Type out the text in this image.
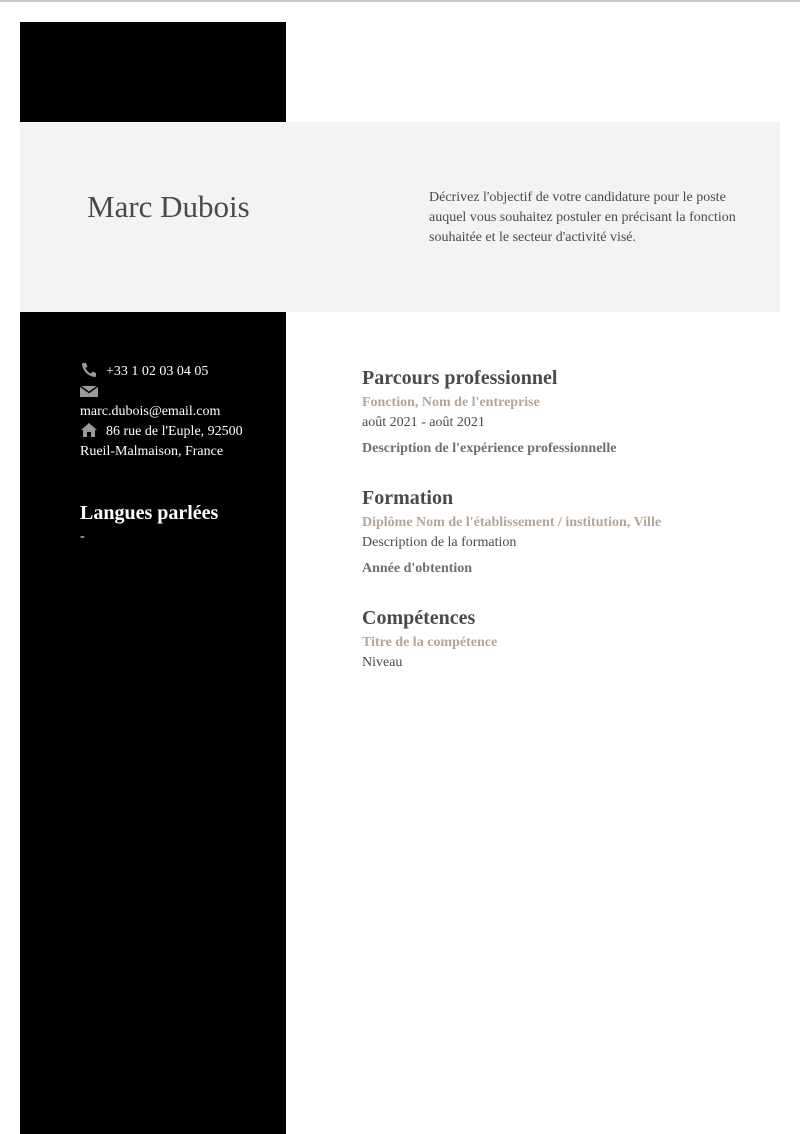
Marc Dubois	Décrivez l'objectif de votre candidature pour le poste auquel vous souhaitez postuler en précisant la fonction souhaitée et le secteur d'activité visé.
+33 1 02 03 04 05
marc.dubois@email.com
86 rue de l'Euple, 92500
Rueil-Malmaison, France
Langues parlées
-
Parcours professionnel
Fonction, Nom de l'entreprise
août 2021 - août 2021
Description de l'expérience professionnelle
Formation
Diplôme Nom de l'établissement / institution, Ville
Description de la formation
Année d'obtention
Compétences
Titre de la compétence
Niveau
